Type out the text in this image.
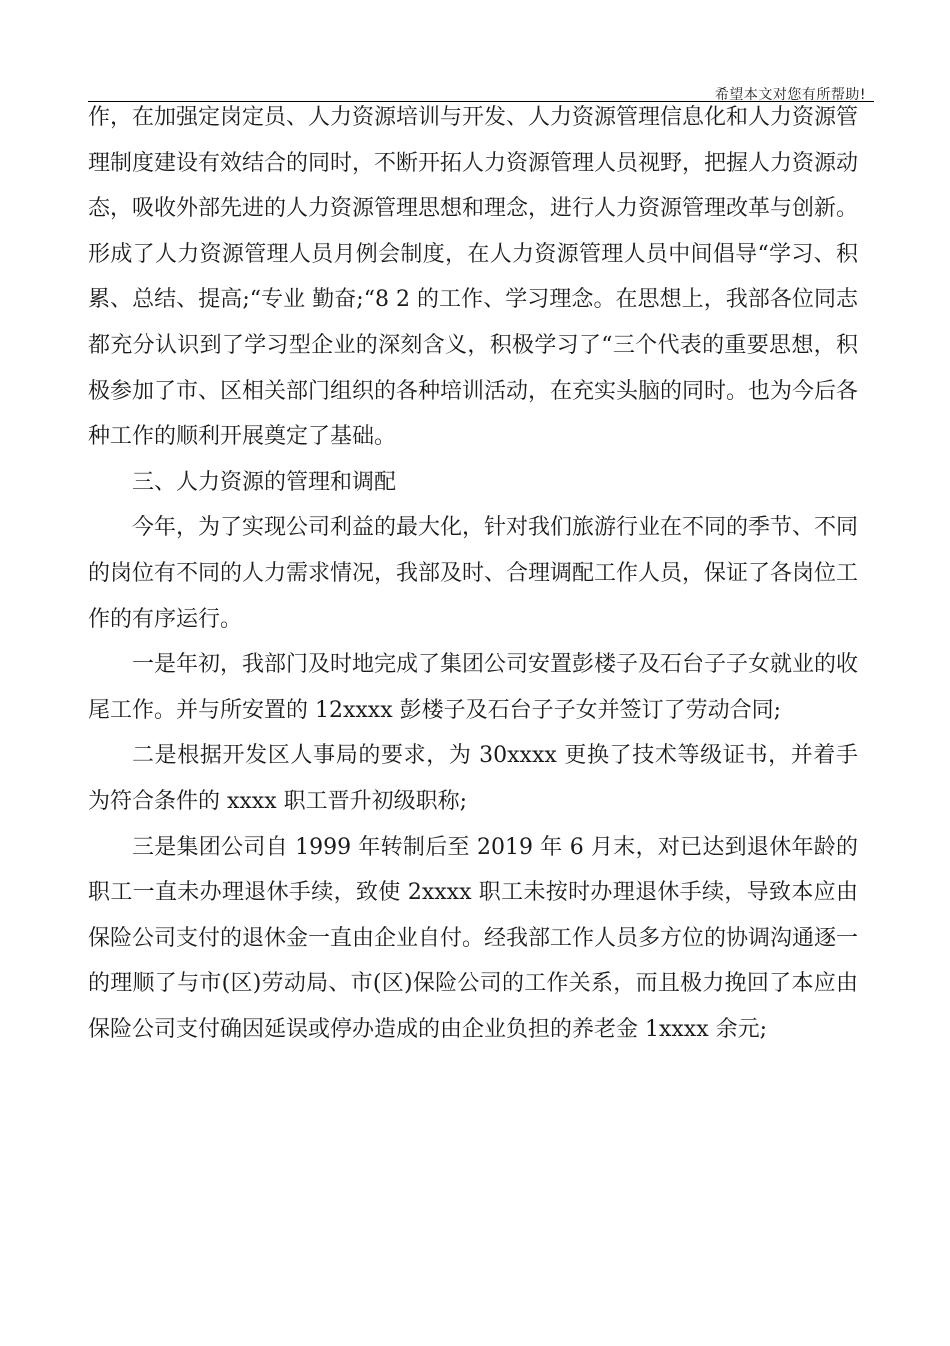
希望本文对您有所帮助!

作，在加强定岗定员、人力资源培训与开发、人力资源管理信息化和人力资源管理制度建设有效结合的同时，不断开拓人力资源管理人员视野，把握人力资源动态，吸收外部先进的人力资源管理思想和理念，进行人力资源管理改革与创新。形成了人力资源管理人员月例会制度，在人力资源管理人员中间倡导“学习、积累、总结、提高;“专业 勤奋;“8 2 的工作、学习理念。在思想上，我部各位同志都充分认识到了学习型企业的深刻含义，积极学习了“三个代表的重要思想，积极参加了市、区相关部门组织的各种培训活动，在充实头脑的同时。也为今后各种工作的顺利开展奠定了基础。

三、人力资源的管理和调配

今年，为了实现公司利益的最大化，针对我们旅游行业在不同的季节、不同的岗位有不同的人力需求情况，我部及时、合理调配工作人员，保证了各岗位工作的有序运行。

一是年初，我部门及时地完成了集团公司安置彭楼子及石台子子女就业的收尾工作。并与所安置的 12xxxx 彭楼子及石台子子女并签订了劳动合同;

二是根据开发区人事局的要求，为 30xxxx 更换了技术等级证书，并着手为符合条件的 xxxx 职工晋升初级职称;

三是集团公司自 1999 年转制后至 2019 年 6 月末，对已达到退休年龄的职工一直未办理退休手续，致使 2xxxx 职工未按时办理退休手续，导致本应由保险公司支付的退休金一直由企业自付。经我部工作人员多方位的协调沟通逐一的理顺了与市(区)劳动局、市(区)保险公司的工作关系，而且极力挽回了本应由保险公司支付确因延误或停办造成的由企业负担的养老金 1xxxx 余元;
